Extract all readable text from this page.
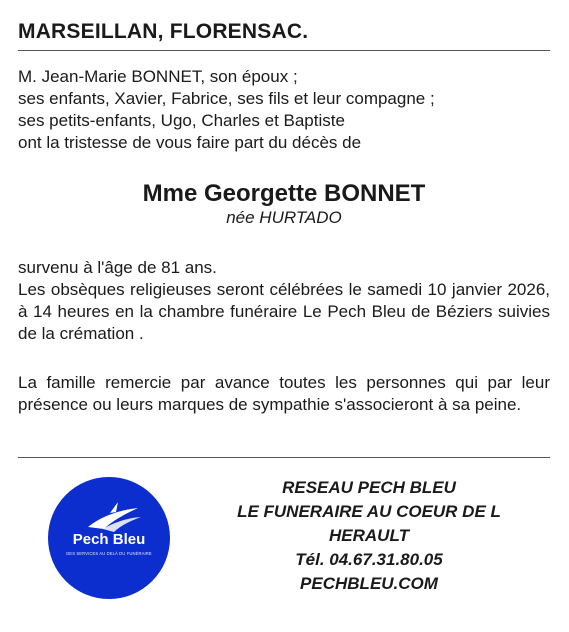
MARSEILLAN, FLORENSAC.
M. Jean-Marie BONNET, son époux ;
ses enfants, Xavier, Fabrice, ses fils et leur compagne ;
ses petits-enfants, Ugo, Charles et Baptiste
ont la tristesse de vous faire part du décès de
Mme Georgette BONNET
née HURTADO
survenu à l'âge de 81 ans.
Les obsèques religieuses seront célébrées le samedi 10 janvier 2026, à 14 heures en la chambre funéraire Le Pech Bleu de Béziers suivies de la crémation .
La famille remercie par avance toutes les personnes qui par leur présence ou leurs marques de sympathie s'associeront à sa peine.
Pech Bleu
DES SERVICES AU DELÀ DU FUNÉRAIRE
RESEAU PECH BLEU
LE FUNERAIRE AU COEUR DE L
HERAULT
Tél. 04.67.31.80.05
PECHBLEU.COM
